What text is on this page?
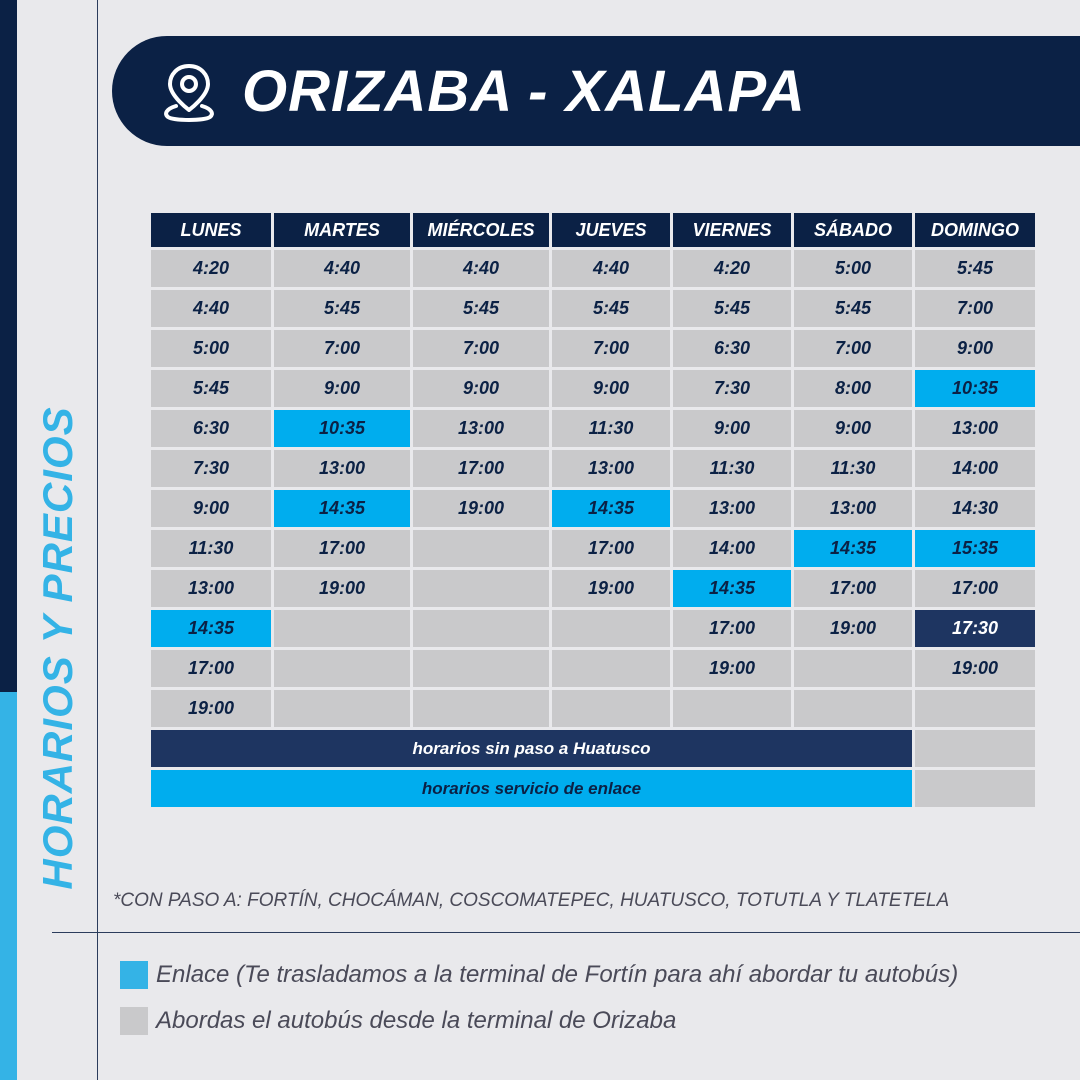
HORARIOS Y PRECIOS
ORIZABA - XALAPA
LUNES	MARTES	MIÉRCOLES	JUEVES	VIERNES	SÁBADO	DOMINGO
4:20	4:40	4:40	4:40	4:20	5:00	5:45
4:40	5:45	5:45	5:45	5:45	5:45	7:00
5:00	7:00	7:00	7:00	6:30	7:00	9:00
5:45	9:00	9:00	9:00	7:30	8:00	10:35
6:30	10:35	13:00	11:30	9:00	9:00	13:00
7:30	13:00	17:00	13:00	11:30	11:30	14:00
9:00	14:35	19:00	14:35	13:00	13:00	14:30
11:30	17:00		17:00	14:00	14:35	15:35
13:00	19:00		19:00	14:35	17:00	17:00
14:35				17:00	19:00	17:30
17:00				19:00		19:00
19:00						
horarios sin paso a Huatusco						
horarios servicio de enlace						
*CON PASO A: FORTÍN, CHOCÁMAN, COSCOMATEPEC, HUATUSCO, TOTUTLA Y TLATETELA
Enlace (Te trasladamos a la terminal de Fortín para ahí abordar tu autobús)
Abordas el autobús desde la terminal de Orizaba
